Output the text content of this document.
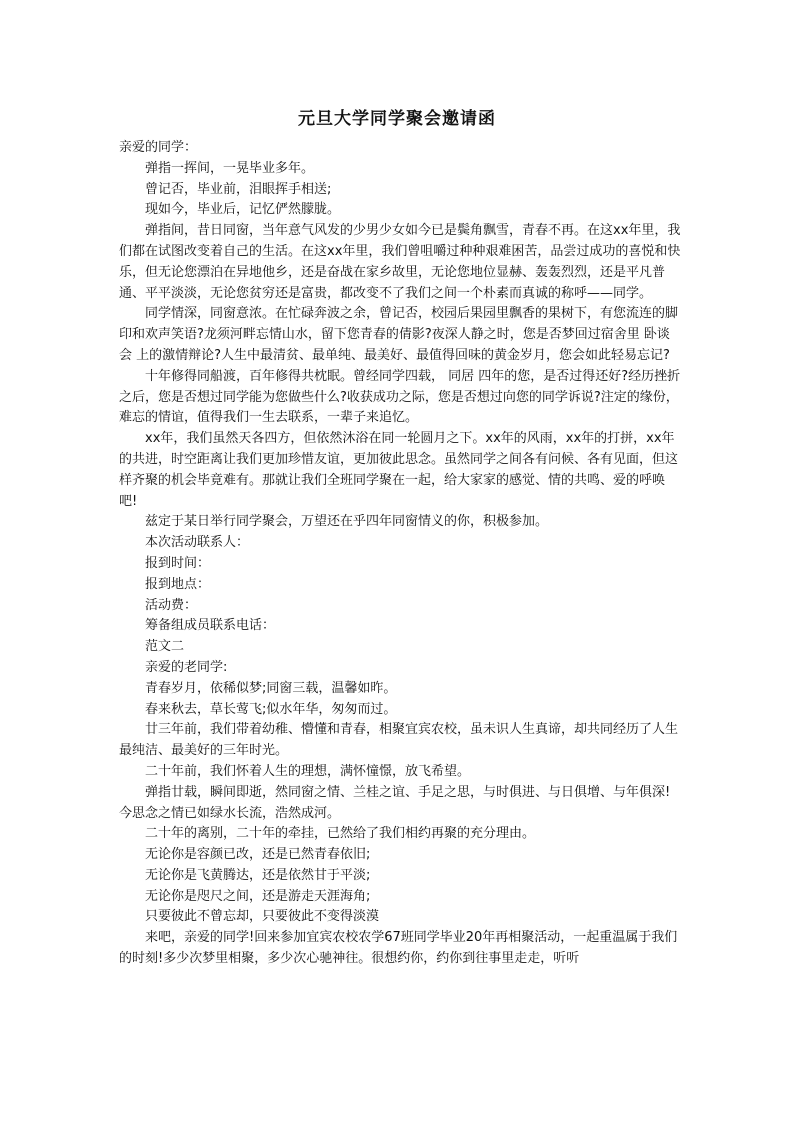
元旦大学同学聚会邀请函

亲爱的同学：

弹指一挥间，一晃毕业多年。

曾记否，毕业前，泪眼挥手相送;

现如今，毕业后，记忆俨然朦胧。

弹指间，昔日同窗，当年意气风发的少男少女如今已是鬓角飘雪，青春不再。在这xx年里，我们都在试图改变着自己的生活。在这xx年里，我们曾咀嚼过种种艰难困苦，品尝过成功的喜悦和快乐，但无论您漂泊在异地他乡，还是奋战在家乡故里，无论您地位显赫、轰轰烈烈，还是平凡普通、平平淡淡，无论您贫穷还是富贵，都改变不了我们之间一个朴素而真诚的称呼——同学。

同学情深，同窗意浓。在忙碌奔波之余，曾记否，校园后果园里飘香的果树下，有您流连的脚印和欢声笑语?龙须河畔忘情山水，留下您青春的倩影?夜深人静之时，您是否梦回过宿舍里 卧谈会 上的激情辩论?人生中最清贫、最单纯、最美好、最值得回味的黄金岁月，您会如此轻易忘记?

十年修得同船渡，百年修得共枕眠。曾经同学四载， 同居 四年的您，是否过得还好?经历挫折之后，您是否想过同学能为您做些什么?收获成功之际，您是否想过向您的同学诉说?注定的缘份，难忘的情谊，值得我们一生去联系，一辈子来追忆。

xx年，我们虽然天各四方，但依然沐浴在同一轮圆月之下。xx年的风雨，xx年的打拼，xx年的共进，时空距离让我们更加珍惜友谊，更加彼此思念。虽然同学之间各有问候、各有见面，但这样齐聚的机会毕竟难有。那就让我们全班同学聚在一起，给大家家的感觉、情的共鸣、爱的呼唤吧!

兹定于某日举行同学聚会，万望还在乎四年同窗情义的你，积极参加。

本次活动联系人：

报到时间：

报到地点：

活动费：

筹备组成员联系电话：

范文二

亲爱的老同学:

青春岁月，依稀似梦;同窗三载，温馨如昨。

春来秋去，草长莺飞;似水年华，匆匆而过。

廿三年前，我们带着幼稚、懵懂和青春，相聚宜宾农校，虽未识人生真谛，却共同经历了人生最纯洁、最美好的三年时光。

二十年前，我们怀着人生的理想，满怀憧憬，放飞希望。

弹指廿载，瞬间即逝，然同窗之情、兰桂之谊、手足之思，与时俱进、与日俱增、与年俱深!今思念之情已如绿水长流，浩然成河。

二十年的离别，二十年的牵挂，已然给了我们相约再聚的充分理由。

无论你是容颜已改，还是已然青春依旧;

无论你是飞黄腾达，还是依然甘于平淡;

无论你是咫尺之间，还是游走天涯海角;

只要彼此不曾忘却，只要彼此不变得淡漠

来吧，亲爱的同学!回来参加宜宾农校农学67班同学毕业20年再相聚活动，一起重温属于我们的时刻!多少次梦里相聚，多少次心驰神往。很想约你，约你到往事里走走，听听
